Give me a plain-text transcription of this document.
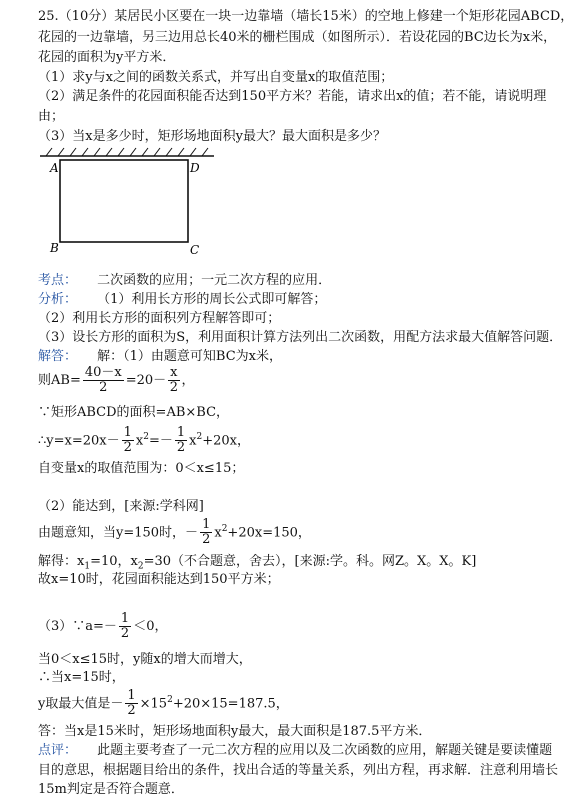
25.（10分）某居民小区要在一块一边靠墙（墙长15米）的空地上修建一个矩形花园ABCD，
花园的一边靠墙，另三边用总长40米的栅栏围成（如图所示）．若设花园的BC边长为x米，
花园的面积为y平方米．
（1）求y与x之间的函数关系式，并写出自变量x的取值范围；
（2）满足条件的花园面积能否达到150平方米？若能，请求出x的值；若不能，请说明理
由；
（3）当x是多少时，矩形场地面积y最大？最大面积是多少？
A	D
B	C
考点： 二次函数的应用；一元二次方程的应用．
分析： （1）利用长方形的周长公式即可解答；
（2）利用长方形的面积列方程解答即可；
（3）设长方形的面积为S，利用面积计算方法列出二次函数，用配方法求最大值解答问题．
解答： 解：（1）由题意可知BC为x米，
则$AB= \frac{40-x}{2} =20- \frac{x}{2}$ ，
∵矩形ABCD的面积=AB×BC，
∴y=x=20x－ $\frac{1}{2} x^2=- \frac{1}{2} x^2+20x$，
自变量x的取值范围为：0＜x≤15；
（2）能达到，[来源:学科网]
由题意知，当y=150时，－ $\frac{1}{2} x^2+20x=150$，
解得：$x_1=10$，$x_2=30$（不合题意，舍去），[来源:学。科。网Z。X。X。K]
故x=10时，花园面积能达到150平方米；
（3）∵a=－ $\frac{1}{2} <0$，
当0＜x≤15时，y随x的增大而增大，
∴当x=15时，
y取最大值是－ $\frac{1}{2} \times 15^2+20\times 15=187.5$，
答：当x是15米时，矩形场地面积y最大，最大面积是187.5平方米．
点评： 此题主要考查了一元二次方程的应用以及二次函数的应用，解题关键是要读懂题
目的意思，根据题目给出的条件，找出合适的等量关系，列出方程，再求解．注意利用墙长
15m判定是否符合题意．
